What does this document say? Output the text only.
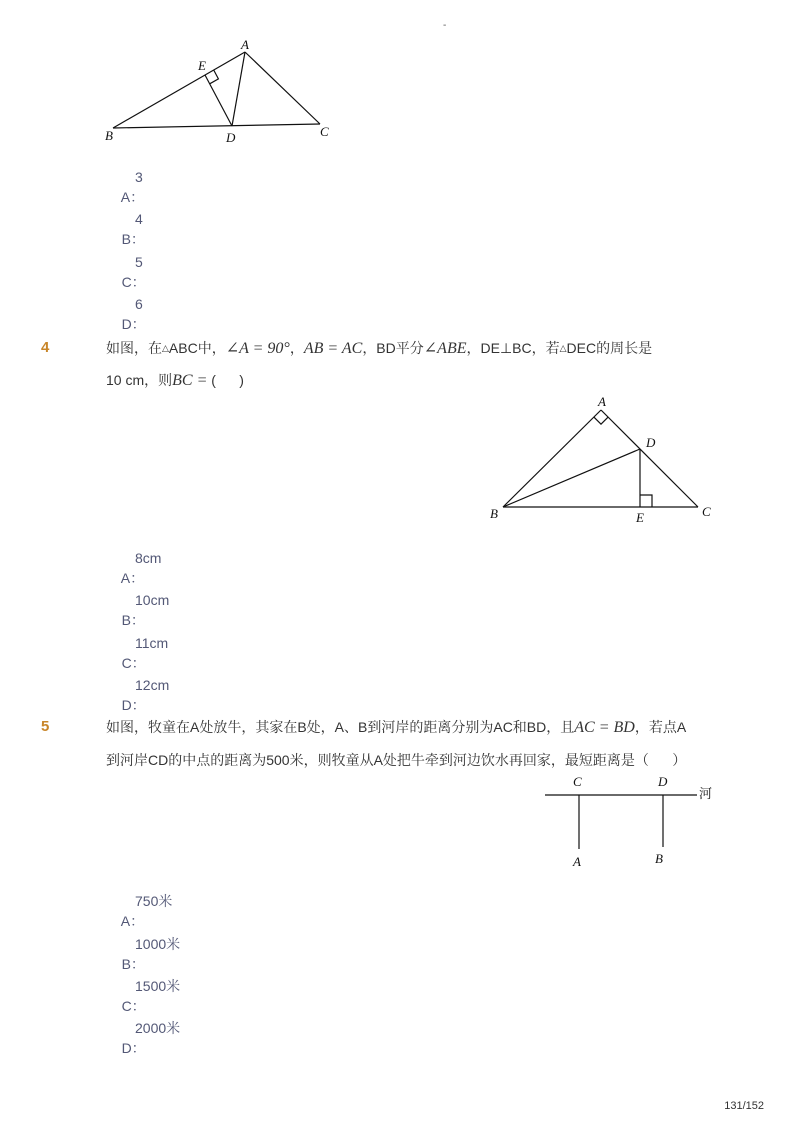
-
A
E
B	D	C
A
D
B	E	C
C	D
河
A	B

A：
3

B：
4

C：
5

D：
6

4	如图，在△ABC中，∠A = 90°，AB = AC，BD平分∠ABE，DE⊥BC，若△DEC的周长是
10 cm，则BC = (      )

A：
8cm

B：
10cm

C：
11cm

D：
12cm

5	如图，牧童在A处放牛，其家在B处，A、B到河岸的距离分别为AC和BD，且AC = BD，若点A
到河岸CD的中点的距离为500米，则牧童从A处把牛牵到河边饮水再回家，最短距离是（      ）

A：
750米

B：
1000米

C：
1500米

D：
2000米

131/152
